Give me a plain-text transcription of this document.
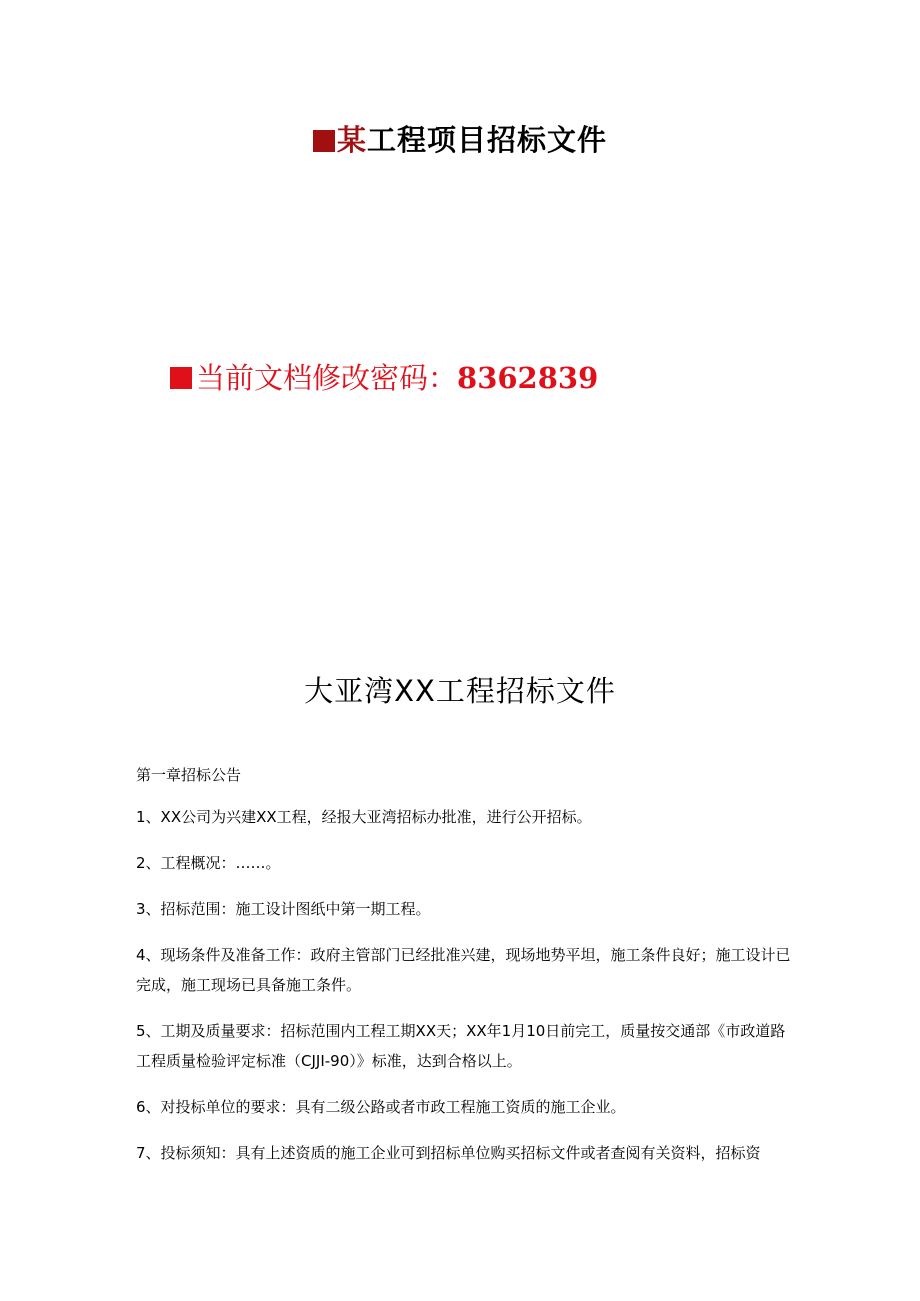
某工程项目招标文件
当前文档修改密码：8362839
大亚湾XX工程招标文件

第一章招标公告

1、XX公司为兴建XX工程，经报大亚湾招标办批准，进行公开招标。

2、工程概况：……。

3、招标范围：施工设计图纸中第一期工程。

4、现场条件及准备工作：政府主管部门已经批准兴建，现场地势平坦，施工条件良好；施工设计已完成，施工现场已具备施工条件。

5、工期及质量要求：招标范围内工程工期XX天；XX年1月10日前完工，质量按交通部《市政道路工程质量检验评定标准（CJJI-90）》标准，达到合格以上。

6、对投标单位的要求：具有二级公路或者市政工程施工资质的施工企业。

7、投标须知：具有上述资质的施工企业可到招标单位购买招标文件或者查阅有关资料，招标资
